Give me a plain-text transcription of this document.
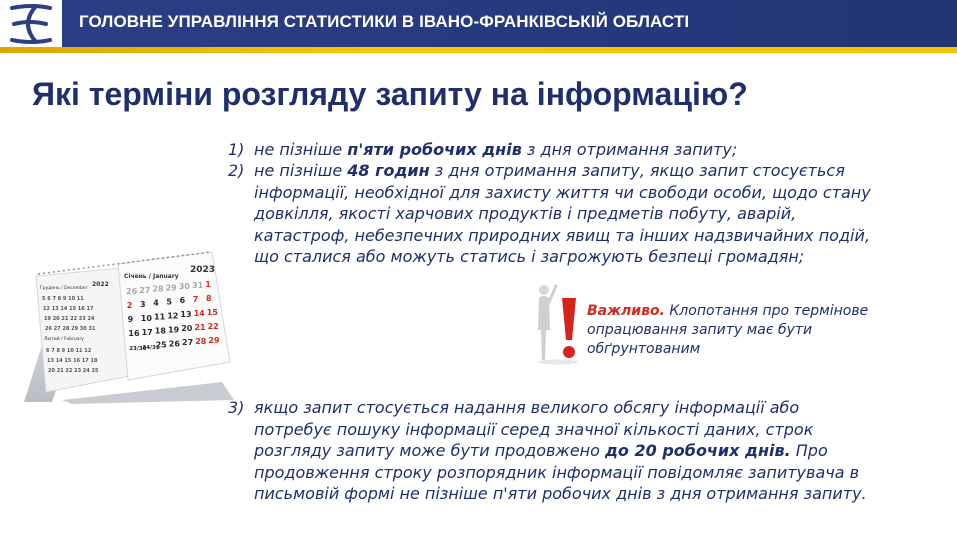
ГОЛОВНЕ УПРАВЛІННЯ СТАТИСТИКИ В ІВАНО-ФРАНКІВСЬКІЙ ОБЛАСТІ
Які терміни розгляду запиту на інформацію?
1) не пізніше п'яти робочих днів з дня отримання запиту;
2) не пізніше 48 годин з дня отримання запиту, якщо запит стосується
інформації, необхідної для захисту життя чи свободи особи, щодо стану
довкілля, якості харчових продуктів і предметів побуту, аварій,
катастроф, небезпечних природних явищ та інших надзвичайних подій,
що сталися або можуть статись і загрожують безпеці громадян;
Грудень / December
2022
Лютий / February
5 6 7 8 9 10 11
12 13 14 15 16 17
19 20 21 22 23 24
26 27 28 29 30 31
6 7 8 9 10 11 12
13 14 15 16 17 18
20 21 22 23 24 25
Січень / January
2023
26 27 28 29 30 31 1
2 3 4 5 6 7 8
9 10 11 12 13 14 15
16 17 18 19 20 21 22
23/30
24/31
25 26 27 28 29
Важливо. Клопотання про термінове
опрацювання запиту має бути
обґрунтованим
3) якщо запит стосується надання великого обсягу інформації або
потребує пошуку інформації серед значної кількості даних, строк
розгляду запиту може бути продовжено до 20 робочих днів. Про
продовження строку розпорядник інформації повідомляє запитувача в
письмовій формі не пізніше п'яти робочих днів з дня отримання запиту.
